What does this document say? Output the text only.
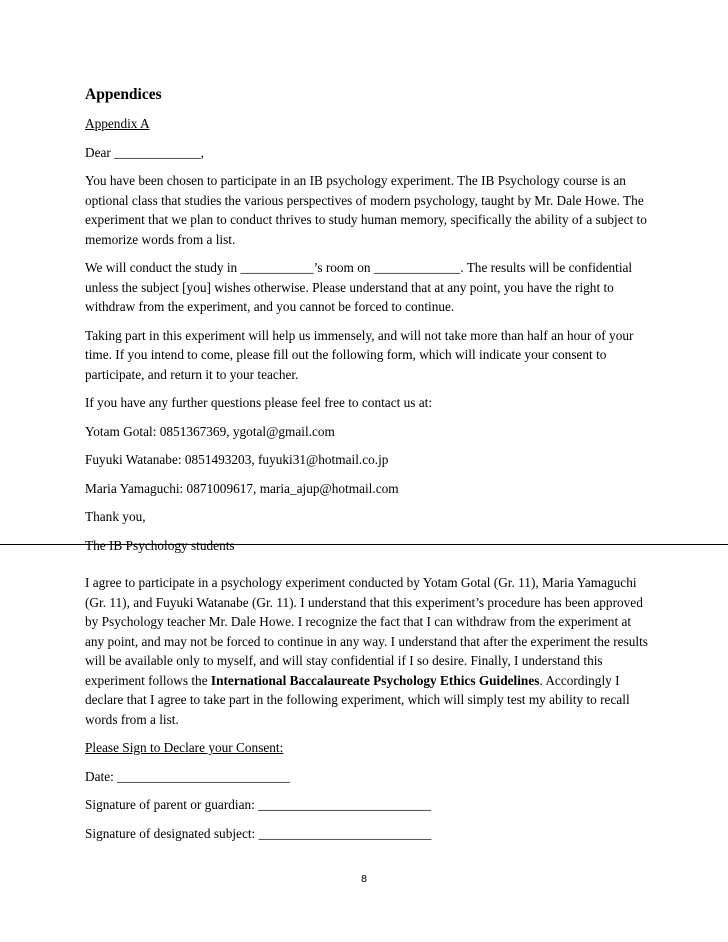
Appendices

Appendix A

Dear _____________,

You have been chosen to participate in an IB psychology experiment. The IB Psychology course is an optional class that studies the various perspectives of modern psychology, taught by Mr. Dale Howe. The experiment that we plan to conduct thrives to study human memory, specifically the ability of a subject to memorize words from a list.

We will conduct the study in ___________’s room on _____________. The results will be confidential unless the subject [you] wishes otherwise. Please understand that at any point, you have the right to withdraw from the experiment, and you cannot be forced to continue.

Taking part in this experiment will help us immensely, and will not take more than half an hour of your time. If you intend to come, please fill out the following form, which will indicate your consent to participate, and return it to your teacher.

If you have any further questions please feel free to contact us at:

Yotam Gotal: 0851367369, ygotal@gmail.com

Fuyuki Watanabe: 0851493203, fuyuki31@hotmail.co.jp

Maria Yamaguchi: 0871009617, maria_ajup@hotmail.com

Thank you,

The IB Psychology students

I agree to participate in a psychology experiment conducted by Yotam Gotal (Gr. 11), Maria Yamaguchi (Gr. 11), and Fuyuki Watanabe (Gr. 11). I understand that this experiment’s procedure has been approved by Psychology teacher Mr. Dale Howe. I recognize the fact that I can withdraw from the experiment at any point, and may not be forced to continue in any way. I understand that after the experiment the results will be available only to myself, and will stay confidential if I so desire. Finally, I understand this experiment follows the International Baccalaureate Psychology Ethics Guidelines. Accordingly I declare that I agree to take part in the following experiment, which will simply test my ability to recall words from a list.

Please Sign to Declare your Consent:

Date: __________________________

Signature of parent or guardian: __________________________

Signature of designated subject: __________________________

8
